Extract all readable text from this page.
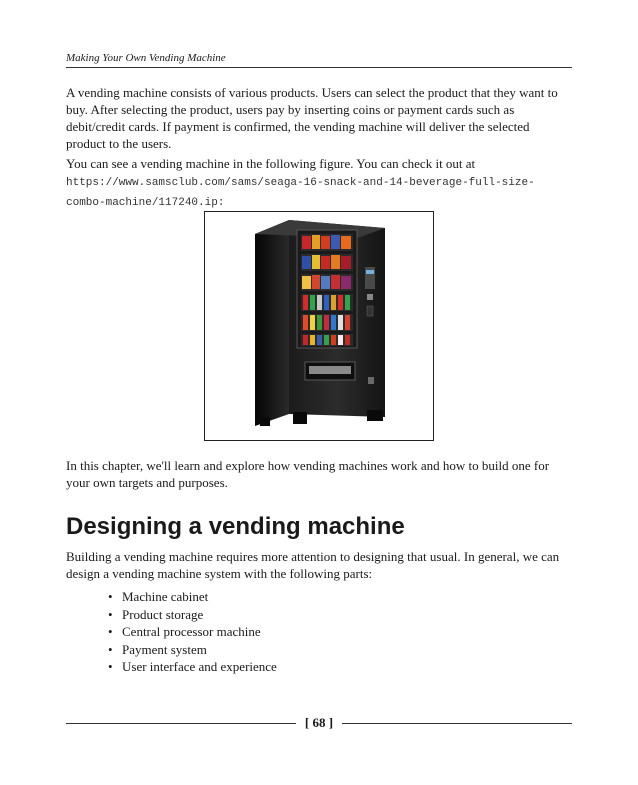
Making Your Own Vending Machine

A vending machine consists of various products. Users can select the product that they want to buy. After selecting the product, users pay by inserting coins or payment cards such as debit/credit cards. If payment is confirmed, the vending machine will deliver the selected product to the users.

You can see a vending machine in the following figure. You can check it out at https://www.samsclub.com/sams/seaga-16-snack-and-14-beverage-full-size-combo-machine/117240.ip:

In this chapter, we'll learn and explore how vending machines work and how to build one for your own targets and purposes.

Designing a vending machine

Building a vending machine requires more attention to designing that usual. In general, we can design a vending machine system with the following parts:

• Machine cabinet
• Product storage
• Central processor machine
• Payment system
• User interface and experience
[ 68 ]
